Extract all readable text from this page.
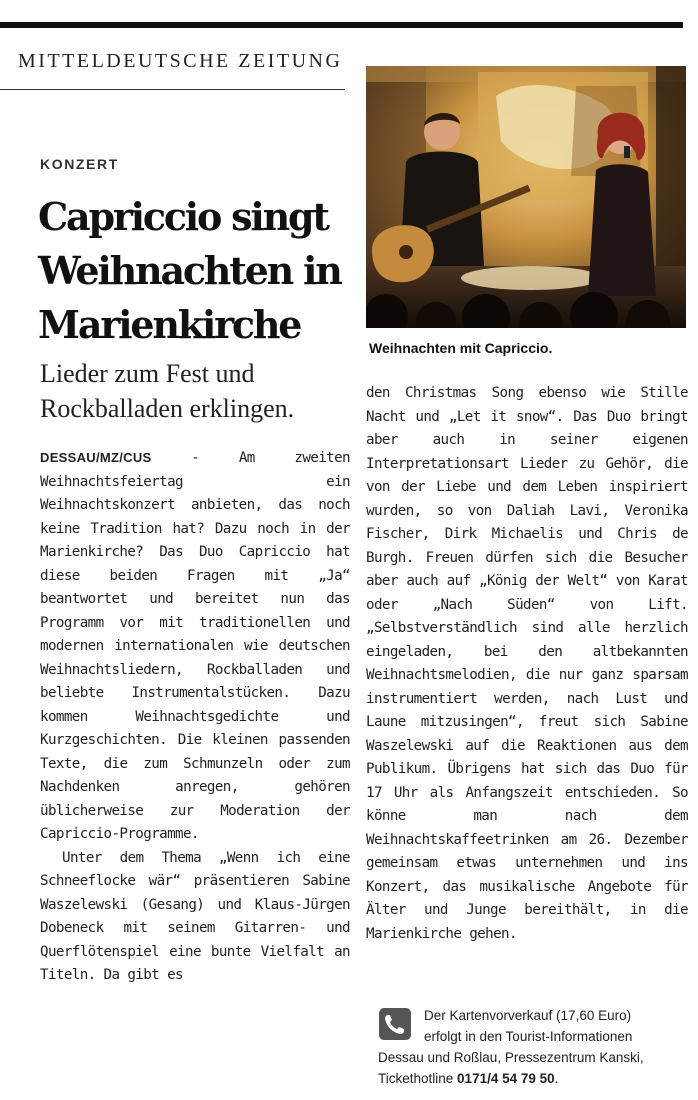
MITTELDEUTSCHE ZEITUNG
KONZERT
Capriccio singt Weihnachten in Marienkirche
Lieder zum Fest und Rockballaden erklingen.
Weihnachten mit Capriccio.

DESSAU/MZ/CUS - Am zweiten Weihnachtsfeiertag ein Weihnachtskonzert anbieten, das noch keine Tradition hat? Dazu noch in der Marienkirche? Das Duo Capriccio hat diese beiden Fragen mit „Ja“ beantwortet und bereitet nun das Programm vor mit traditionellen und modernen internationalen wie deutschen Weihnachtsliedern, Rockballaden und beliebte Instrumentalstücken. Dazu kommen Weihnachtsgedichte und Kurzgeschichten. Die kleinen passenden Texte, die zum Schmunzeln oder zum Nachdenken anregen, gehören üblicherweise zur Moderation der Capriccio-Programme.

Unter dem Thema „Wenn ich eine Schneeflocke wär“ präsentieren Sabine Waszelewski (Gesang) und Klaus-Jürgen Dobeneck mit seinem Gitarren- und Querflötenspiel eine bunte Vielfalt an Titeln. Da gibt es

den Christmas Song ebenso wie Stille Nacht und „Let it snow“. Das Duo bringt aber auch in seiner eigenen Interpretationsart Lieder zu Gehör, die von der Liebe und dem Leben inspiriert wurden, so von Daliah Lavi, Veronika Fischer, Dirk Michaelis und Chris de Burgh. Freuen dürfen sich die Besucher aber auch auf „König der Welt“ von Karat oder „Nach Süden“ von Lift. „Selbstverständlich sind alle herzlich eingeladen, bei den altbekannten Weihnachtsmelodien, die nur ganz sparsam instrumentiert werden, nach Lust und Laune mitzusingen“, freut sich Sabine Waszelewski auf die Reaktionen aus dem Publikum. Übrigens hat sich das Duo für 17 Uhr als Anfangszeit entschieden. So könne man nach dem Weihnachtskaffeetrinken am 26. Dezember gemeinsam etwas unternehmen und ins Konzert, das musikalische Angebote für Älter und Junge bereithält, in die Marienkirche gehen.

Der Kartenvorverkauf (17,60 Euro)
erfolgt in den Tourist-Informationen
Dessau und Roßlau, Pressezentrum Kanski,
Tickethotline 0171/4 54 79 50.
